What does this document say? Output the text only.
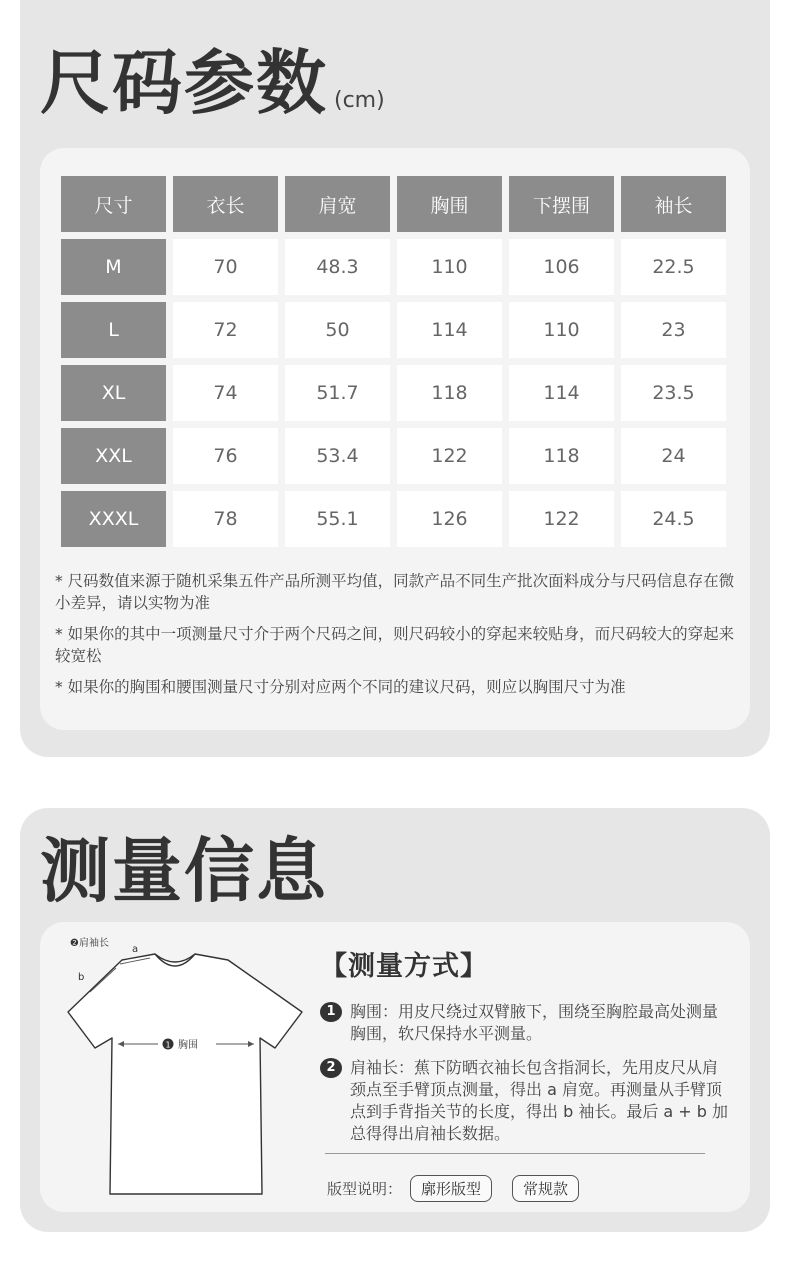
尺码参数 (cm)
尺寸	衣长	肩宽	胸围	下摆围	袖长
M	70	48.3	110	106	22.5
L	72	50	114	110	23
XL	74	51.7	118	114	23.5
XXL	76	53.4	122	118	24
XXXL	78	55.1	126	122	24.5

* 尺码数值来源于随机采集五件产品所测平均值，同款产品不同生产批次面料成分与尺码信息存在微小差异，请以实物为准

* 如果你的其中一项测量尺寸介于两个尺码之间，则尺码较小的穿起来较贴身，而尺码较大的穿起来较宽松

* 如果你的胸围和腰围测量尺寸分别对应两个不同的建议尺码，则应以胸围尺寸为准

测量信息
1 胸围
a
b
❷肩袖长
【测量方式】
1 胸围：用皮尺绕过双臂腋下，围绕至胸腔最高处测量胸围，软尺保持水平测量。
2 肩袖长：蕉下防晒衣袖长包含指洞长，先用皮尺从肩颈点至手臂顶点测量，得出 a 肩宽。再测量从手臂顶点到手背指关节的长度，得出 b 袖长。最后 a + b 加总得得出肩袖长数据。
版型说明：	廓形版型	常规款
